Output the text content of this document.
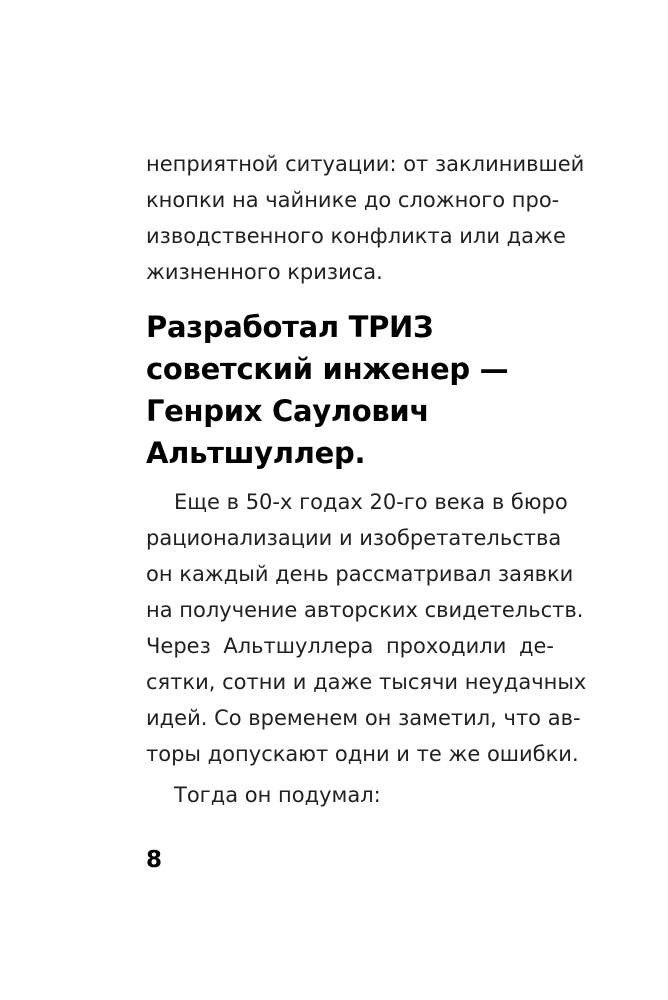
неприятной ситуации: от заклинившей
кнопки на чайнике до сложного про-
изводственного конфликта или даже
жизненного кризиса.
Разработал ТРИЗ
советский инженер —
Генрих Саулович
Альтшуллер.
Еще в 50-х годах 20-го века в бюро
рационализации и изобретательства
он каждый день рассматривал заявки
на получение авторских свидетельств.
Через Альтшуллера проходили де-
сятки, сотни и даже тысячи неудачных
идей. Со временем он заметил, что ав-
торы допускают одни и те же ошибки.
Тогда он подумал:
8
